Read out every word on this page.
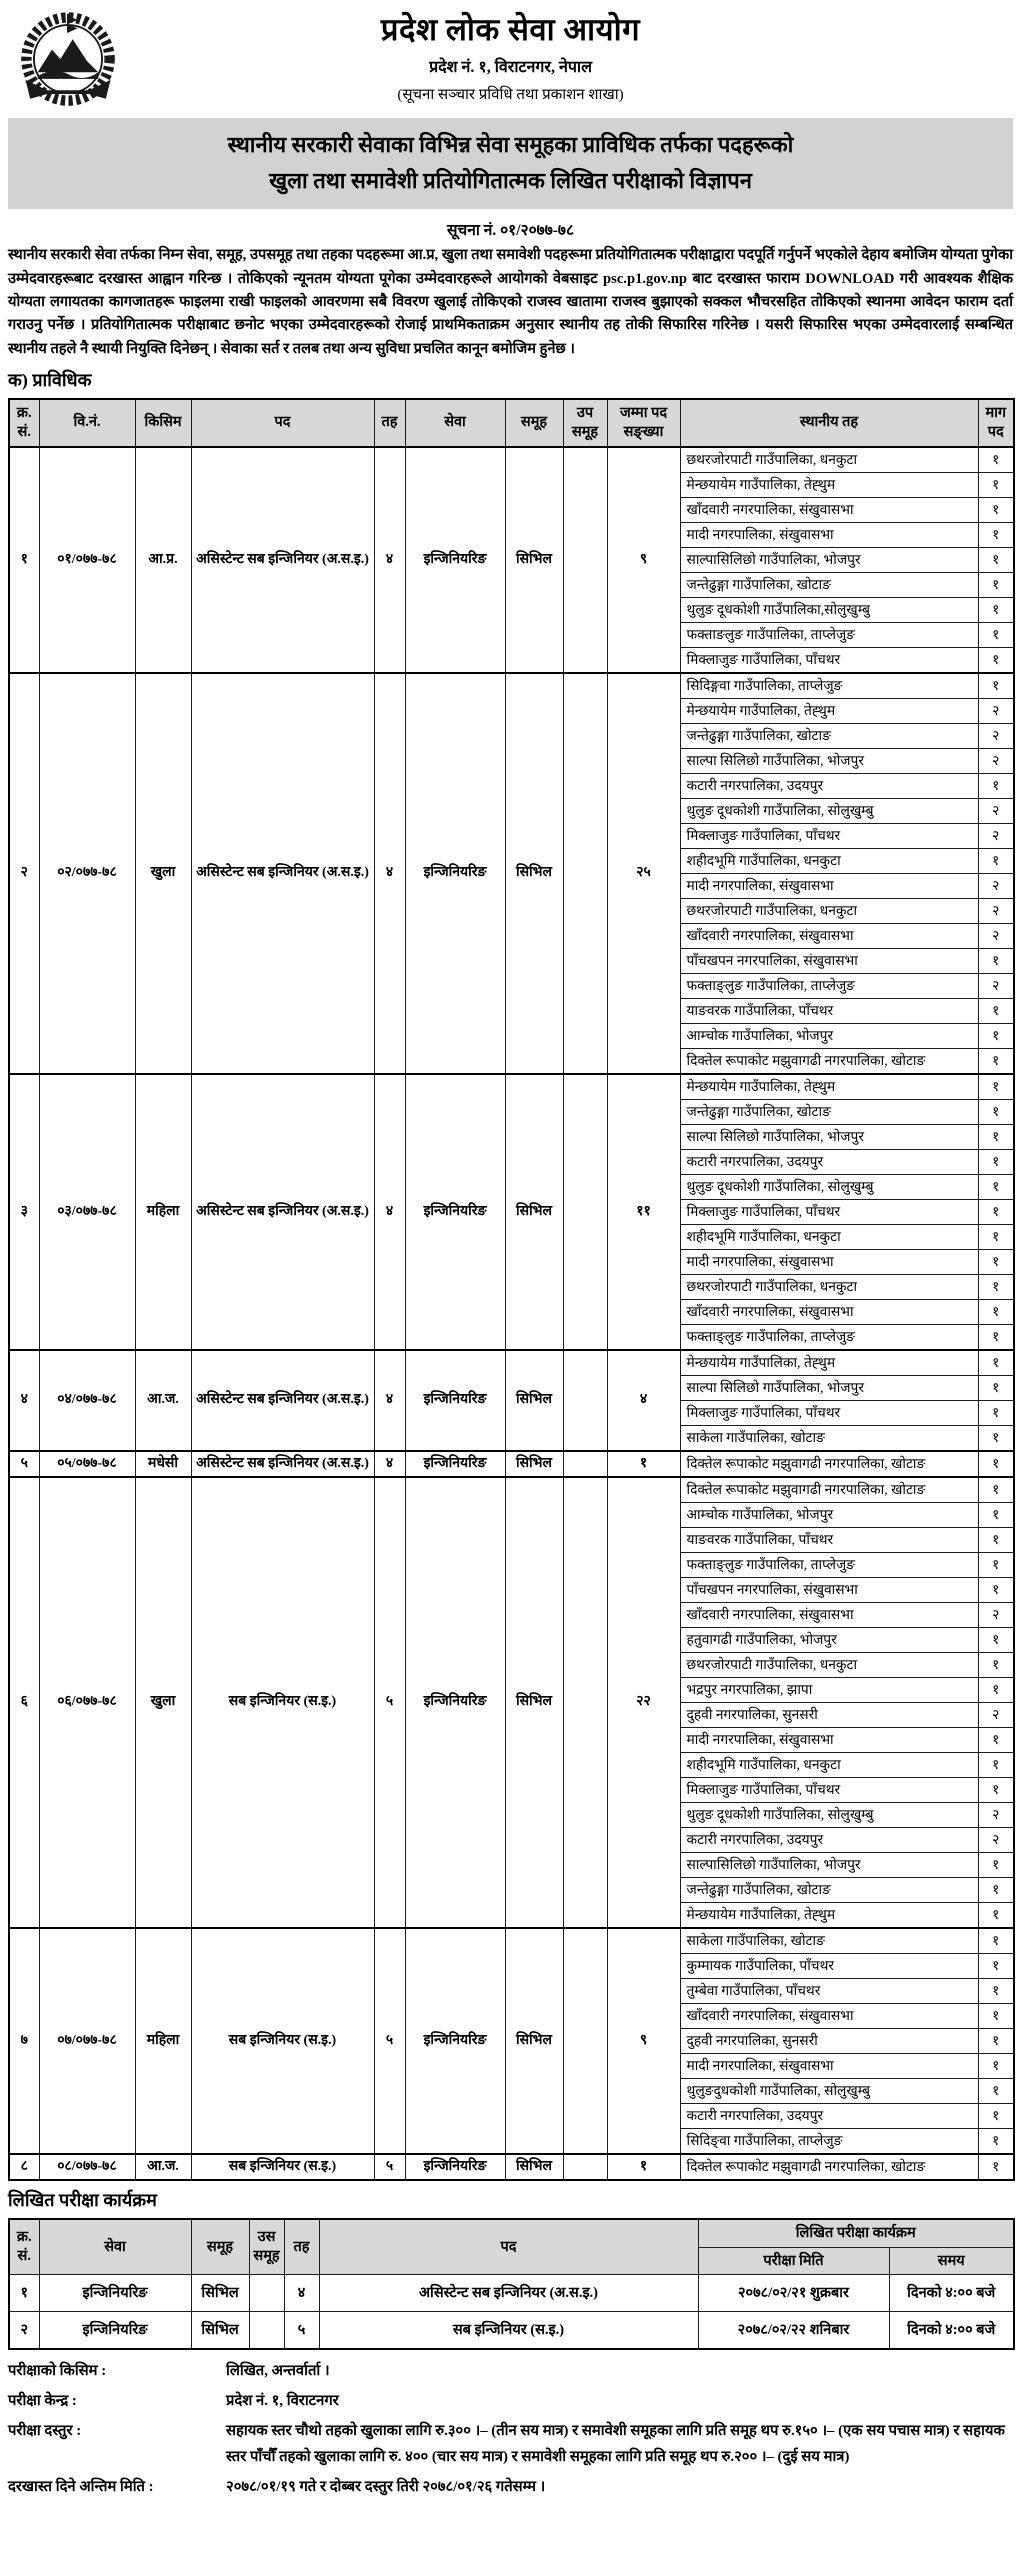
प्रदेश लोक सेवा आयोग
प्रदेश नं. १, विराटनगर, नेपाल
(सूचना सञ्चार प्रविधि तथा प्रकाशन शाखा)
स्थानीय सरकारी सेवाका विभिन्न सेवा समूहका प्राविधिक तर्फका पदहरूको
खुला तथा समावेशी प्रतियोगितात्मक लिखित परीक्षाको विज्ञापन
सूचना नं. ०१/२०७७-७८
स्थानीय सरकारी सेवा तर्फका निम्न सेवा, समूह, उपसमूह तथा तहका पदहरूमा आ.प्र, खुला तथा समावेशी पदहरूमा प्रतियोगितात्मक परीक्षाद्वारा पदपूर्ति गर्नुपर्ने भएकोले देहाय बमोजिम योग्यता पुगेका उम्मेदवारहरूबाट दरखास्त आह्वान गरिन्छ । तोकिएको न्यूनतम योग्यता पूगेका उम्मेदवारहरूले आयोगको वेबसाइट psc.p1.gov.np बाट दरखास्त फाराम DOWNLOAD गरी आवश्यक शैक्षिक योग्यता लगायतका कागजातहरू फाइलमा राखी फाइलको आवरणमा सबै विवरण खुलाई तोकिएको राजस्व खातामा राजस्व बुझाएको सक्कल भौचरसहित तोकिएको स्थानमा आवेदन फाराम दर्ता गराउनु पर्नेछ । प्रतियोगितात्मक परीक्षाबाट छनोट भएका उम्मेदवारहरूको रोजाई प्राथमिकताक्रम अनुसार स्थानीय तह तोकी सिफारिस गरिनेछ । यसरी सिफारिस भएका उम्मेदवारलाई सम्बन्धित स्थानीय तहले नै स्थायी नियुक्ति दिनेछन् । सेवाका सर्त र तलब तथा अन्य सुविधा प्रचलित कानून बमोजिम हुनेछ ।
क) प्राविधिक
क्र. सं.	वि.नं.	किसिम	पद	तह	सेवा	समूह	उप समूह	जम्मा पद सङ्ख्या	स्थानीय तह	माग पद
१	०१/०७७-७८	आ.प्र.	असिस्टेन्ट सब इन्जिनियर (अ.स.इ.)	४	इन्जिनियरिङ	सिभिल		९	छथरजोरपाटी गाउँपालिका, धनकुटा	१
									मेन्छयायेम गाउँपालिका, तेह्थुम	१
									खाँदवारी नगरपालिका, संखुवासभा	१
									मादी नगरपालिका, संखुवासभा	१
									साल्पासिलिछो गाउँपालिका, भोजपुर	१
									जन्तेढुङ्गा गाउँपालिका, खोटाङ	१
									थुलुङ दूधकोशी गाउँपालिका,सोलुखुम्बु	१
									फक्ताङलुङ गाउँपालिका, ताप्लेजुङ	१
									मिक्लाजुङ गाउँपालिका, पाँचथर	१
२	०२/०७७-७८	खुला	असिस्टेन्ट सब इन्जिनियर (अ.स.इ.)	४	इन्जिनियरिङ	सिभिल		२५	सिदिङ्गवा गाउँपालिका, ताप्लेजुङ	१
									मेन्छयायेम गाउँपालिका, तेह्थुम	२
									जन्तेढुङ्गा गाउँपालिका, खोटाङ	२
									साल्पा सिलिछो गाउँपालिका, भोजपुर	२
									कटारी नगरपालिका, उदयपुर	१
									थुलुङ दूधकोशी गाउँपालिका, सोलुखुम्बु	२
									मिक्लाजुङ गाउँपालिका, पाँचथर	२
									शहीदभूमि गाउँपालिका, धनकुटा	१
									मादी नगरपालिका, संखुवासभा	२
									छथरजोरपाटी गाउँपालिका, धनकुटा	२
									खाँदवारी नगरपालिका, संखुवासभा	२
									पाँचखपन नगरपालिका, संखुवासभा	१
									फक्ताङ्लुङ गाउँपालिका, ताप्लेजुङ	२
									याङवरक गाउँपालिका, पाँचथर	१
									आम्चोक गाउँपालिका, भोजपुर	१
									दिक्तेल रूपाकोट मझुवागढी नगरपालिका, खोटाङ	१
३	०३/०७७-७८	महिला	असिस्टेन्ट सब इन्जिनियर (अ.स.इ.)	४	इन्जिनियरिङ	सिभिल		११	मेन्छयायेम गाउँपालिका, तेह्थुम	१
									जन्तेढुङ्गा गाउँपालिका, खोटाङ	१
									साल्पा सिलिछो गाउँपालिका, भोजपुर	१
									कटारी नगरपालिका, उदयपुर	१
									थुलुङ दूधकोशी गाउँपालिका, सोलुखुम्बु	१
									मिक्लाजुङ गाउँपालिका, पाँचथर	१
									शहीदभूमि गाउँपालिका, धनकुटा	१
									मादी नगरपालिका, संखुवासभा	१
									छथरजोरपाटी गाउँपालिका, धनकुटा	१
									खाँदवारी नगरपालिका, संखुवासभा	१
									फक्ताङ्लुङ गाउँपालिका, ताप्लेजुङ	१
४	०४/०७७-७८	आ.ज.	असिस्टेन्ट सब इन्जिनियर (अ.स.इ.)	४	इन्जिनियरिङ	सिभिल		४	मेन्छयायेम गाउँपालिका, तेह्थुम	१
									साल्पा सिलिछो गाउँपालिका, भोजपुर	१
									मिक्लाजुङ गाउँपालिका, पाँचथर	१
									साकेला गाउँपालिका, खोटाङ	१
५	०५/०७७-७८	मधेसी	असिस्टेन्ट सब इन्जिनियर (अ.स.इ.)	४	इन्जिनियरिङ	सिभिल		१	दिक्तेल रूपाकोट मझुवागढी नगरपालिका, खोटाङ	१
६	०६/०७७-७८	खुला	सब इन्जिनियर (स.इ.)	५	इन्जिनियरिङ	सिभिल		२२	दिक्तेल रूपाकोट मझुवागढी नगरपालिका, खोटाङ	१
									आम्चोक गाउँपालिका, भोजपुर	१
									याङवरक गाउँपालिका, पाँचथर	१
									फक्ताङ्लुङ गाउँपालिका, ताप्लेजुङ	१
									पाँचखपन नगरपालिका, संखुवासभा	१
									खाँदवारी नगरपालिका, संखुवासभा	२
									हतुवागढी गाउँपालिका, भोजपुर	१
									छथरजोरपाटी गाउँपालिका, धनकुटा	१
									भद्रपुर नगरपालिका, झापा	१
									दुहवी नगरपालिका, सुनसरी	२
									मादी नगरपालिका, संखुवासभा	१
									शहीदभूमि गाउँपालिका, धनकुटा	१
									मिक्लाजुङ गाउँपालिका, पाँचथर	१
									थुलुङ दूधकोशी गाउँपालिका, सोलुखुम्बु	२
									कटारी नगरपालिका, उदयपुर	२
									साल्पासिलिछो गाउँपालिका, भोजपुर	१
									जन्तेढुङ्गा गाउँपालिका, खोटाङ	१
									मेन्छयायेम गाउँपालिका, तेह्थुम	१
७	०७/०७७-७८	महिला	सब इन्जिनियर (स.इ.)	५	इन्जिनियरिङ	सिभिल		९	साकेला गाउँपालिका, खोटाङ	१
									कुम्मायक गाउँपालिका, पाँचथर	१
									तुम्बेवा गाउँपालिका, पाँचथर	१
									खाँदवारी नगरपालिका, संखुवासभा	१
									दुहवी नगरपालिका, सुनसरी	१
									मादी नगरपालिका, संखुवासभा	१
									थुलुङदुधकोशी गाउँपालिका, सोलुखुम्बु	१
									कटारी नगरपालिका, उदयपुर	१
									सिदिङ्वा गाउँपालिका, ताप्लेजुङ	१
८	०८/०७७-७८	आ.ज.	सब इन्जिनियर (स.इ.)	५	इन्जिनियरिङ	सिभिल		१	दिक्तेल रूपाकोट मझुवागढी नगरपालिका, खोटाङ	१
लिखित परीक्षा कार्यक्रम
क्र. सं.	सेवा	समूह	उस समूह	तह	पद	लिखित परीक्षा कार्यक्रम	
						परीक्षा मिति	समय
१	इन्जिनियरिङ	सिभिल		४	असिस्टेन्ट सब इन्जिनियर (अ.स.इ.)	२०७८/०२/२१ शुक्रबार	दिनको ४:०० बजे
२	इन्जिनियरिङ	सिभिल		५	सब इन्जिनियर (स.इ.)	२०७८/०२/२२ शनिबार	दिनको ४:०० बजे
परीक्षाको किसिम :	लिखित, अन्तर्वार्ता ।
परीक्षा केन्द्र :	प्रदेश नं. १, विराटनगर
परीक्षा दस्तुर :	सहायक स्तर चौथो तहको खुलाका लागि रु.३०० ।– (तीन सय मात्र) र समावेशी समूहका लागि प्रति समूह थप रु.१५० ।– (एक सय पचास मात्र) र सहायक स्तर पाँचौँ तहको खुलाका लागि रु. ४०० (चार सय मात्र) र समावेशी समूहका लागि प्रति समूह थप रु.२०० ।– (दुई सय मात्र)
दरखास्त दिने अन्तिम मिति :	२०७८/०१/१९ गते र दोब्बर दस्तुर तिरी २०७८/०१/२६ गतेसम्म ।
